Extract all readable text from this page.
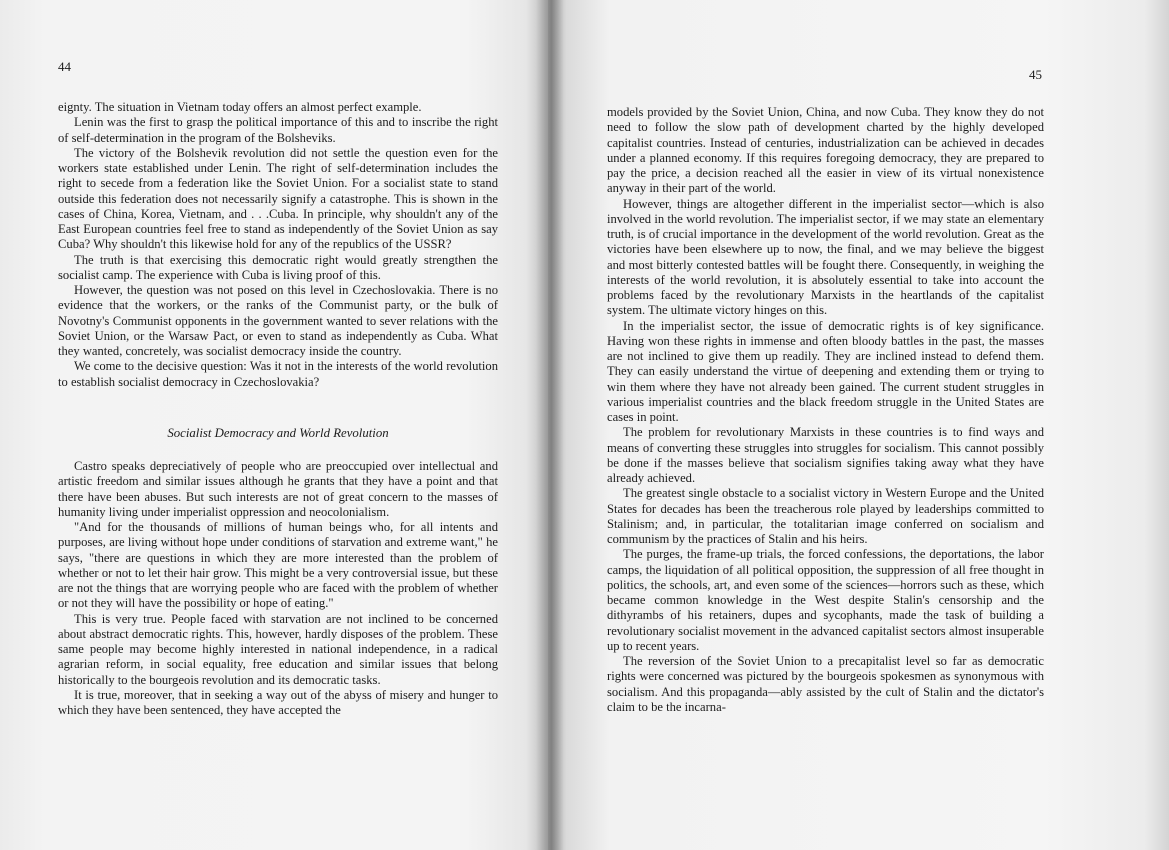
44

eignty. The situation in Vietnam today offers an almost perfect example.

Lenin was the first to grasp the political importance of this and to inscribe the right of self-determination in the program of the Bolsheviks.

The victory of the Bolshevik revolution did not settle the question even for the workers state established under Lenin. The right of self-determination includes the right to secede from a federation like the Soviet Union. For a socialist state to stand outside this federation does not necessarily signify a catastrophe. This is shown in the cases of China, Korea, Vietnam, and . . .Cuba. In principle, why shouldn't any of the East European countries feel free to stand as independently of the Soviet Union as say Cuba? Why shouldn't this likewise hold for any of the republics of the USSR?

The truth is that exercising this democratic right would greatly strengthen the socialist camp. The experience with Cuba is living proof of this.

However, the question was not posed on this level in Czechoslovakia. There is no evidence that the workers, or the ranks of the Communist party, or the bulk of Novotny's Communist opponents in the government wanted to sever relations with the Soviet Union, or the Warsaw Pact, or even to stand as independently as Cuba. What they wanted, concretely, was socialist democracy inside the country.

We come to the decisive question: Was it not in the interests of the world revolution to establish socialist democracy in Czechoslovakia?

Socialist Democracy and World Revolution

Castro speaks depreciatively of people who are preoccupied over intellectual and artistic freedom and similar issues although he grants that they have a point and that there have been abuses. But such interests are not of great concern to the masses of humanity living under imperialist oppression and neocolonialism.

"And for the thousands of millions of human beings who, for all intents and purposes, are living without hope under conditions of starvation and extreme want," he says, "there are questions in which they are more interested than the problem of whether or not to let their hair grow. This might be a very controversial issue, but these are not the things that are worrying people who are faced with the problem of whether or not they will have the possibility or hope of eating."

This is very true. People faced with starvation are not inclined to be concerned about abstract democratic rights. This, however, hardly disposes of the problem. These same people may become highly interested in national independence, in a radical agrarian reform, in social equality, free education and similar issues that belong historically to the bourgeois revolution and its democratic tasks.

It is true, moreover, that in seeking a way out of the abyss of misery and hunger to which they have been sentenced, they have accepted the

45

models provided by the Soviet Union, China, and now Cuba. They know they do not need to follow the slow path of development charted by the highly developed capitalist countries. Instead of centuries, industrialization can be achieved in decades under a planned economy. If this requires foregoing democracy, they are prepared to pay the price, a decision reached all the easier in view of its virtual nonexistence anyway in their part of the world.

However, things are altogether different in the imperialist sector—which is also involved in the world revolution. The imperialist sector, if we may state an elementary truth, is of crucial importance in the development of the world revolution. Great as the victories have been elsewhere up to now, the final, and we may believe the biggest and most bitterly contested battles will be fought there. Consequently, in weighing the interests of the world revolution, it is absolutely essential to take into account the problems faced by the revolutionary Marxists in the heartlands of the capitalist system. The ultimate victory hinges on this.

In the imperialist sector, the issue of democratic rights is of key significance. Having won these rights in immense and often bloody battles in the past, the masses are not inclined to give them up readily. They are inclined instead to defend them. They can easily understand the virtue of deepening and extending them or trying to win them where they have not already been gained. The current student struggles in various imperialist countries and the black freedom struggle in the United States are cases in point.

The problem for revolutionary Marxists in these countries is to find ways and means of converting these struggles into struggles for socialism. This cannot possibly be done if the masses believe that socialism signifies taking away what they have already achieved.

The greatest single obstacle to a socialist victory in Western Europe and the United States for decades has been the treacherous role played by leaderships committed to Stalinism; and, in particular, the totalitarian image conferred on socialism and communism by the practices of Stalin and his heirs.

The purges, the frame-up trials, the forced confessions, the deportations, the labor camps, the liquidation of all political opposition, the suppression of all free thought in politics, the schools, art, and even some of the sciences—horrors such as these, which became common knowledge in the West despite Stalin's censorship and the dithyrambs of his retainers, dupes and sycophants, made the task of building a revolutionary socialist movement in the advanced capitalist sectors almost insuperable up to recent years.

The reversion of the Soviet Union to a precapitalist level so far as democratic rights were concerned was pictured by the bourgeois spokesmen as synonymous with socialism. And this propaganda—ably assisted by the cult of Stalin and the dictator's claim to be the incarna-
